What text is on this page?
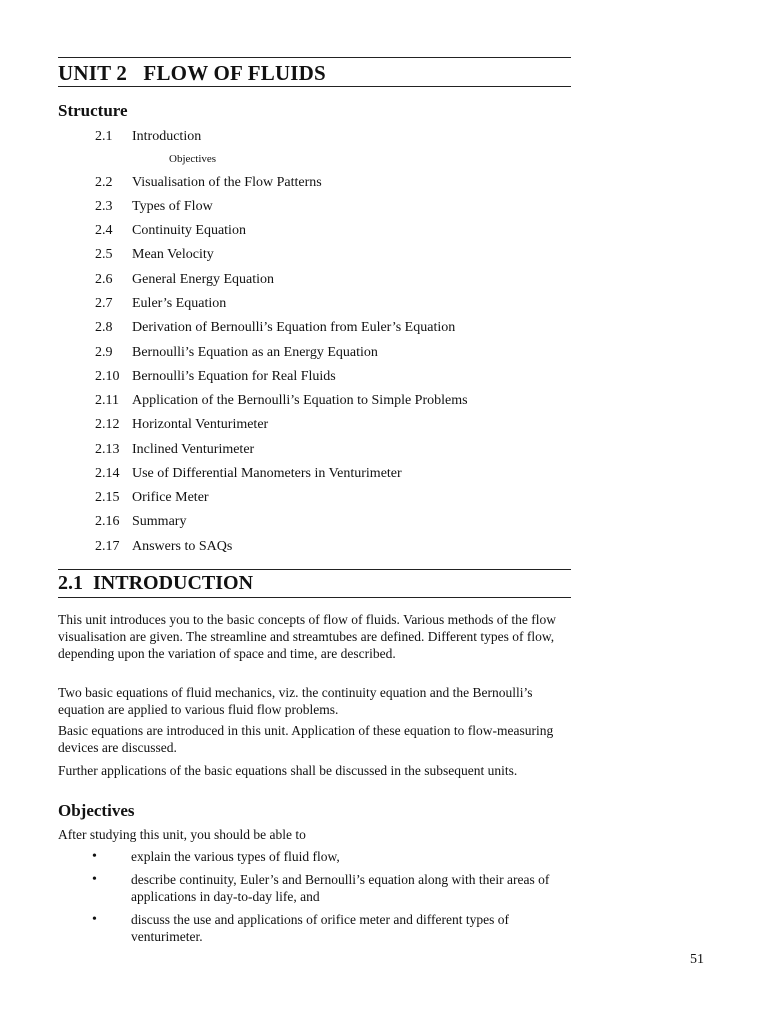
UNIT 2   FLOW OF FLUIDS
Structure
2.1	Introduction
Objectives
2.2	Visualisation of the Flow Patterns
2.3	Types of Flow
2.4	Continuity Equation
2.5	Mean Velocity
2.6	General Energy Equation
2.7	Euler’s Equation
2.8	Derivation of Bernoulli’s Equation from Euler’s Equation
2.9	Bernoulli’s Equation as an Energy Equation
2.10 Bernoulli’s Equation for Real Fluids
2.11 Application of the Bernoulli’s Equation to Simple Problems
2.12 Horizontal Venturimeter
2.13 Inclined Venturimeter
2.14 Use of Differential Manometers in Venturimeter
2.15 Orifice Meter
2.16 Summary
2.17 Answers to SAQs
2.1  INTRODUCTION

This unit introduces you to the basic concepts of flow of fluids. Various methods of the flow visualisation are given. The streamline and streamtubes are defined. Different types of flow, depending upon the variation of space and time, are described.

Two basic equations of fluid mechanics, viz. the continuity equation and the Bernoulli’s equation are applied to various fluid flow problems.

Basic equations are introduced in this unit. Application of these equation to flow-measuring devices are discussed.

Further applications of the basic equations shall be discussed in the subsequent units.

Objectives

After studying this unit, you should be able to

•	explain the various types of fluid flow,
•	describe continuity, Euler’s and Bernoulli’s equation along with their areas of applications in day-to-day life, and
•	discuss the use and applications of orifice meter and different types of venturimeter.
51
